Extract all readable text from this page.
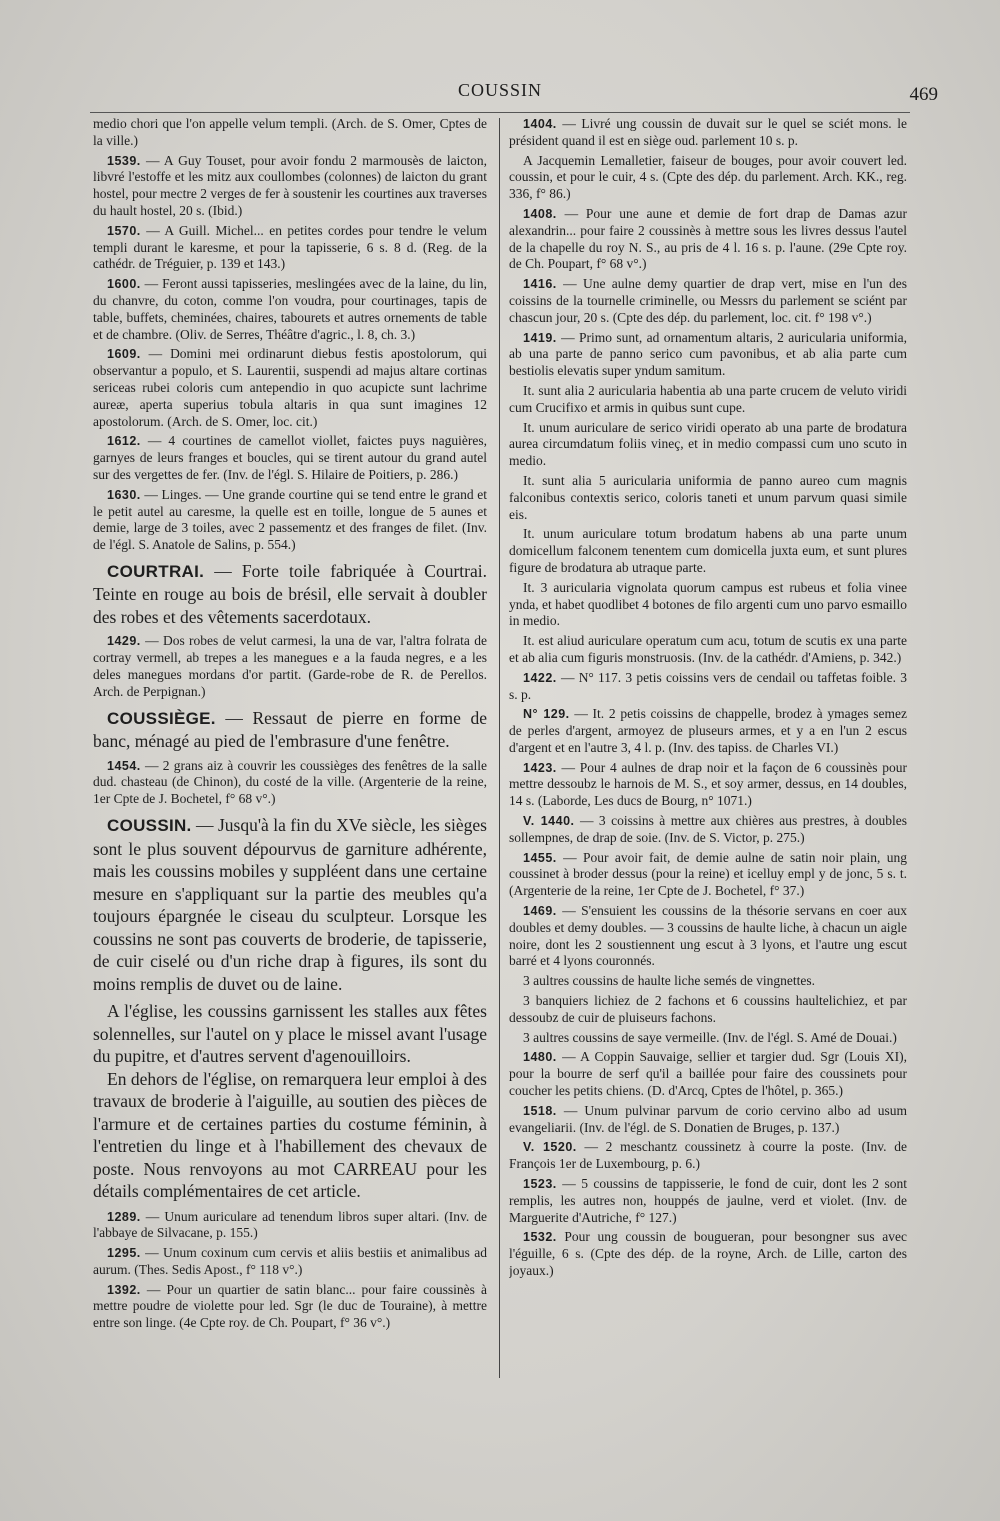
COUSSIN	469

medio chori que l'on appelle velum templi. (Arch. de S. Omer, Cptes de la ville.)

1539. — A Guy Touset, pour avoir fondu 2 marmousès de laicton, libvré l'estoffe et les mitz aux coullombes (colonnes) de laicton du grant hostel, pour mectre 2 verges de fer à soustenir les courtines aux traverses du hault hostel, 20 s. (Ibid.)

1570. — A Guill. Michel... en petites cordes pour tendre le velum templi durant le karesme, et pour la tapisserie, 6 s. 8 d. (Reg. de la cathédr. de Tréguier, p. 139 et 143.)

1600. — Feront aussi tapisseries, meslingées avec de la laine, du lin, du chanvre, du coton, comme l'on voudra, pour courtinages, tapis de table, buffets, cheminées, chaires, tabourets et autres ornements de table et de chambre. (Oliv. de Serres, Théâtre d'agric., l. 8, ch. 3.)

1609. — Domini mei ordinarunt diebus festis apostolorum, qui observantur a populo, et S. Laurentii, suspendi ad majus altare cortinas sericeas rubei coloris cum antependio in quo acupicte sunt lachrime aureæ, aperta superius tobula altaris in qua sunt imagines 12 apostolorum. (Arch. de S. Omer, loc. cit.)

1612. — 4 courtines de camellot viollet, faictes puys naguières, garnyes de leurs franges et boucles, qui se tirent autour du grand autel sur des vergettes de fer. (Inv. de l'égl. S. Hilaire de Poitiers, p. 286.)

1630. — Linges. — Une grande courtine qui se tend entre le grand et le petit autel au caresme, la quelle est en toille, longue de 5 aunes et demie, large de 3 toiles, avec 2 passementz et des franges de filet. (Inv. de l'égl. S. Anatole de Salins, p. 554.)

COURTRAI. — Forte toile fabriquée à Courtrai. Teinte en rouge au bois de brésil, elle servait à doubler des robes et des vêtements sacerdotaux.

1429. — Dos robes de velut carmesi, la una de var, l'altra folrata de cortray vermell, ab trepes a les manegues e a la fauda negres, e a les deles manegues mordans d'or partit. (Garde-robe de R. de Perellos. Arch. de Perpignan.)

COUSSIÈGE. — Ressaut de pierre en forme de banc, ménagé au pied de l'embrasure d'une fenêtre.

1454. — 2 grans aiz à couvrir les coussièges des fenêtres de la salle dud. chasteau (de Chinon), du costé de la ville. (Argenterie de la reine, 1er Cpte de J. Bochetel, f° 68 v°.)

COUSSIN. — Jusqu'à la fin du XVe siècle, les sièges sont le plus souvent dépourvus de garniture adhérente, mais les coussins mobiles y suppléent dans une certaine mesure en s'appliquant sur la partie des meubles qu'a toujours épargnée le ciseau du sculpteur. Lorsque les coussins ne sont pas couverts de broderie, de tapisserie, de cuir ciselé ou d'un riche drap à figures, ils sont du moins remplis de duvet ou de laine.

A l'église, les coussins garnissent les stalles aux fêtes solennelles, sur l'autel on y place le missel avant l'usage du pupitre, et d'autres servent d'agenouilloirs.

En dehors de l'église, on remarquera leur emploi à des travaux de broderie à l'aiguille, au soutien des pièces de l'armure et de certaines parties du costume féminin, à l'entretien du linge et à l'habillement des chevaux de poste. Nous renvoyons au mot CARREAU pour les détails complémentaires de cet article.

1289. — Unum auricularе ad tenendum libros super altari. (Inv. de l'abbaye de Silvacane, p. 155.)

1295. — Unum coxinum cum cervis et aliis bestiis et animalibus ad aurum. (Thes. Sedis Apost., f° 118 v°.)

1392. — Pour un quartier de satin blanc... pour faire coussinès à mettre poudre de violette pour led. Sgr (le duc de Touraine), à mettre entre son linge. (4e Cpte roy. de Ch. Poupart, f° 36 v°.)

1404. — Livré ung coussin de duvait sur le quel se sciét mons. le président quand il est en siège oud. parlement 10 s. p.

A Jacquemin Lemalletier, faiseur de bouges, pour avoir couvert led. coussin, et pour le cuir, 4 s. (Cpte des dép. du parlement. Arch. KK., reg. 336, f° 86.)

1408. — Pour une aune et demie de fort drap de Damas azur alexandrin... pour faire 2 coussinès à mettre sous les livres dessus l'autel de la chapelle du roy N. S., au pris de 4 l. 16 s. p. l'aune. (29e Cpte roy. de Ch. Poupart, f° 68 v°.)

1416. — Une aulne demy quartier de drap vert, mise en l'un des coissins de la tournelle criminelle, ou Messrs du parlement se sciént par chascun jour, 20 s. (Cpte des dép. du parlement, loc. cit. f° 198 v°.)

1419. — Primo sunt, ad ornamentum altaris, 2 auricularia uniformia, ab una parte de panno serico cum pavonibus, et ab alia parte cum bestiolis elevatis super yndum samitum.

It. sunt alia 2 auricularia habentia ab una parte crucem de veluto viridi cum Crucifixo et armis in quibus sunt cupe.

It. unum auricularе de serico viridi operato ab una parte de brodatura aurea circumdatum foliis vineç, et in medio compassi cum uno scuto in medio.

It. sunt alia 5 auricularia uniformia de panno aureo cum magnis falconibus contextis serico, coloris taneti et unum parvum quasi simile eis.

It. unum auricularе totum brodatum habens ab una parte unum domicellum falconem tenentem cum domicella juxta eum, et sunt plures figure de brodatura ab utraque parte.

It. 3 auricularia vignolata quorum campus est rubeus et folia vinee ynda, et habet quodlibet 4 botones de filo argenti cum uno parvo esmaillo in medio.

It. est aliud auricularе operatum cum acu, totum de scutis ex una parte et ab alia cum figuris monstruosis. (Inv. de la cathédr. d'Amiens, p. 342.)

1422. — N° 117. 3 petis coissins vers de cendail ou taffetas foible. 3 s. p.

N° 129. — It. 2 petis coissins de chappelle, brodez à ymages semez de perles d'argent, armoyez de pluseurs armes, et y a en l'un 2 escus d'argent et en l'autre 3, 4 l. p. (Inv. des tapiss. de Charles VI.)

1423. — Pour 4 aulnes de drap noir et la façon de 6 coussinès pour mettre dessoubz le harnois de M. S., et soy armer, dessus, en 14 doubles, 14 s. (Laborde, Les ducs de Bourg, n° 1071.)

V. 1440. — 3 coissins à mettre aux chières aus prestres, à doubles sollempnes, de drap de soie. (Inv. de S. Victor, p. 275.)

1455. — Pour avoir fait, de demie aulne de satin noir plain, ung coussinet à broder dessus (pour la reine) et icelluy empl y de jonc, 5 s. t. (Argenterie de la reine, 1er Cpte de J. Bochetel, f° 37.)

1469. — S'ensuient les coussins de la thésorie servans en coer aux doubles et demy doubles. — 3 coussins de haulte liche, à chacun un aigle noire, dont les 2 soustiennent ung escut à 3 lyons, et l'autre ung escut barré et 4 lyons couronnés.

3 aultres coussins de haulte liche semés de vingnettes.

3 banquiers lichiez de 2 fachons et 6 coussins haultelichiez, et par dessoubz de cuir de pluiseurs fachons.

3 aultres coussins de saye vermeille. (Inv. de l'égl. S. Amé de Douai.)

1480. — A Coppin Sauvaige, sellier et targier dud. Sgr (Louis XI), pour la bourre de serf qu'il a baillée pour faire des coussinets pour coucher les petits chiens. (D. d'Arcq, Cptes de l'hôtel, p. 365.)

1518. — Unum pulvinar parvum de corio cervino albo ad usum evangeliarii. (Inv. de l'égl. de S. Donatien de Bruges, p. 137.)

V. 1520. — 2 meschantz coussinetz à courre la poste. (Inv. de François 1er de Luxembourg, p. 6.)

1523. — 5 coussins de tappisserie, le fond de cuir, dont les 2 sont remplis, les autres non, houppés de jaulne, verd et violet. (Inv. de Marguerite d'Autriche, f° 127.)

1532. Pour ung coussin de bougueran, pour besongner sus avec l'éguille, 6 s. (Cpte des dép. de la royne, Arch. de Lille, carton des joyaux.)
